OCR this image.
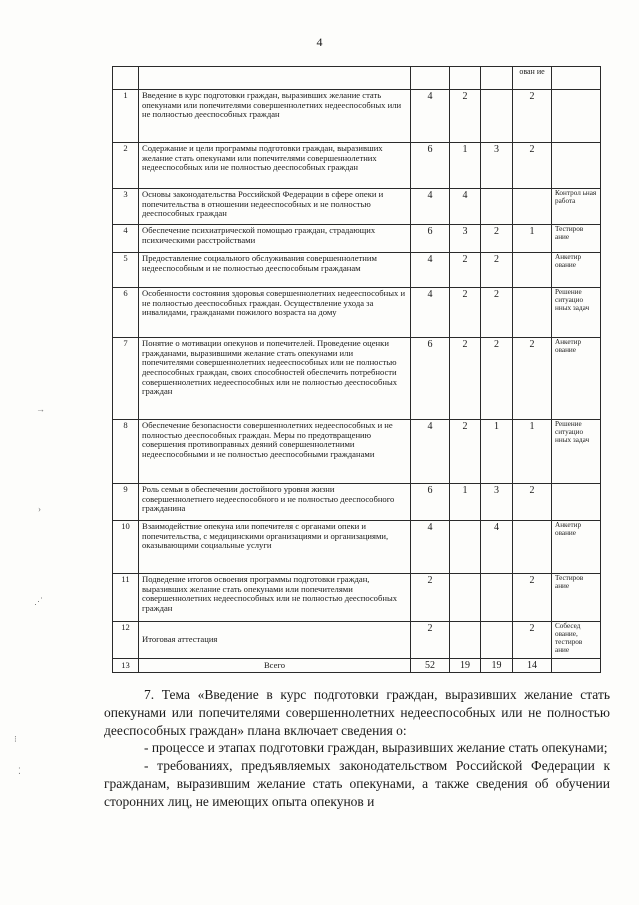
4
					ован ие	
1	Введение в курс подготовки граждан, выразивших желание стать опекунами или попечителями совершеннолетних недееспособных или не полностью дееспособных граждан	4	2		2	
2	Содержание и цели программы подготовки граждан, выразивших желание стать опекунами или попечителями совершеннолетних недееспособных или не полностью дееспособных граждан	6	1	3	2	
3	Основы законодательства Российской Федерации в сфере опеки и попечительства в отношении недееспособных и не полностью дееспособных граждан	4	4			Контрол ьная работа
4	Обеспечение психиатрической помощью граждан, страдающих психическими расстройствами	6	3	2	1	Тестиров ание
5	Предоставление социального обслуживания совершеннолетним недееспособным и не полностью дееспособным гражданам	4	2	2		Анкетир ование
6	Особенности состояния здоровья совершеннолетних недееспособных и не полностью дееспособных граждан. Осуществление ухода за инвалидами, гражданами пожилого возраста на дому	4	2	2		Решение ситуацио нных задач
7	Понятие о мотивации опекунов и попечителей. Проведение оценки гражданами, выразившими желание стать опекунами или попечителями совершеннолетних недееспособных или не полностью дееспособных граждан, своих способностей обеспечить потребности совершеннолетних недееспособных или не полностью дееспособных граждан	6	2	2	2	Анкетир ование
8	Обеспечение безопасности совершеннолетних недееспособных и не полностью дееспособных граждан. Меры по предотвращению совершения противоправных деяний совершеннолетними недееспособными и не полностью дееспособными гражданами	4	2	1	1	Решение ситуацио нных задач
9	Роль семьи в обеспечении достойного уровня жизни совершеннолетнего недееспособного и не полностью дееспособного гражданина	6	1	3	2	
10	Взаимодействие опекуна или попечителя с органами опеки и попечительства, с медицинскими организациями и организациями, оказывающими социальные услуги	4		4		Анкетир ование
11	Подведение итогов освоения программы подготовки граждан, выразивших желание стать опекунами или попечителями совершеннолетних недееспособных или не полностью дееспособных граждан	2			2	Тестиров ание
12	Итоговая аттестация	2			2	Собесед ование, тестиров ание
13	Всего	52	19	19	14	

7. Тема «Введение в курс подготовки граждан, выразивших желание стать опекунами или попечителями совершеннолетних недееспособных или не полностью дееспособных граждан» плана включает сведения о:

- процессе и этапах подготовки граждан, выразивших желание стать опекунами;

- требованиях, предъявляемых законодательством Российской Федерации к гражданам, выразившим желание стать опекунами, а также сведения об обучении сторонних лиц, не имеющих опыта опекунов и

→
›
⋰
⁝
⁚
